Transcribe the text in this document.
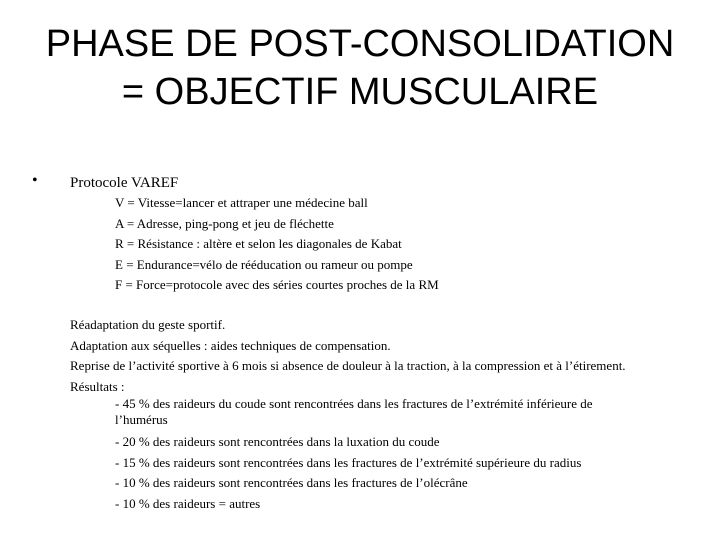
PHASE DE POST-CONSOLIDATION
= OBJECTIF MUSCULAIRE
• Protocole VAREF

V = Vitesse=lancer et attraper une médecine ball
A = Adresse, ping-pong et jeu de fléchette
R = Résistance : altère et selon les diagonales de Kabat
E = Endurance=vélo de rééducation ou rameur ou pompe
F = Force=protocole avec des séries courtes proches de la RM
Réadaptation du geste sportif.
Adaptation aux séquelles : aides techniques de compensation.
Reprise de l’activité sportive à 6 mois si absence de douleur à la traction, à la compression et à l’étirement.
Résultats :
- 45 % des raideurs du coude sont rencontrées dans les fractures de l’extrémité inférieure de l’humérus
- 20 % des raideurs sont rencontrées dans la luxation du coude
- 15 % des raideurs sont rencontrées dans les fractures de l’extrémité supérieure du radius
- 10 % des raideurs sont rencontrées dans les fractures de l’olécrâne
- 10 % des raideurs = autres
